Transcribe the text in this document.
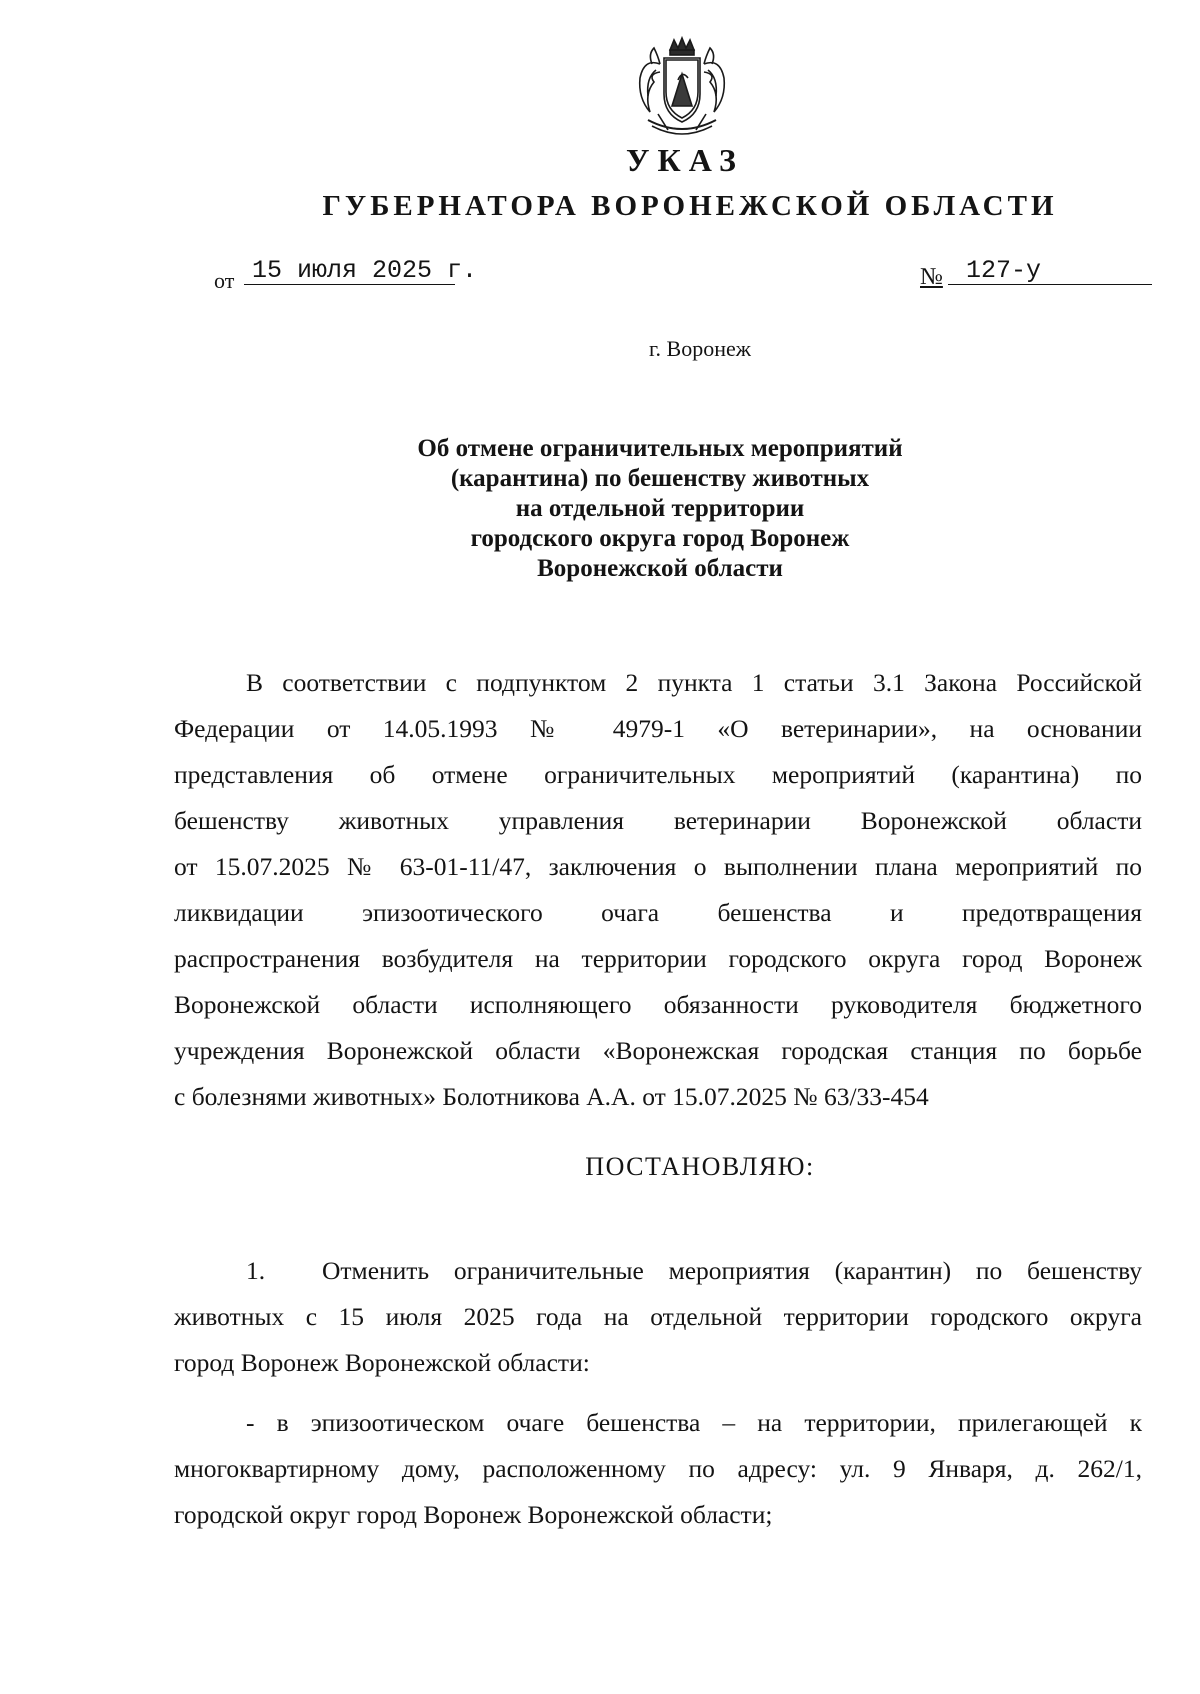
УКАЗ
ГУБЕРНАТОРА ВОРОНЕЖСКОЙ ОБЛАСТИ
от 15 июля 2025 г.	№ 127-у
г. Воронеж
Об отмене ограничительных мероприятий
(карантина) по бешенству животных
на отдельной территории
городского округа город Воронеж
Воронежской области
В соответствии с подпунктом 2 пункта 1 статьи 3.1 Закона Российской
Федерации от 14.05.1993 № 4979-1 «О ветеринарии», на основании
представления об отмене ограничительных мероприятий (карантина) по
бешенству животных управления ветеринарии Воронежской области
от 15.07.2025 № 63-01-11/47, заключения о выполнении плана мероприятий по
ликвидации эпизоотического очага бешенства и предотвращения
распространения возбудителя на территории городского округа город Воронеж
Воронежской области исполняющего обязанности руководителя бюджетного
учреждения Воронежской области «Воронежская городская станция по борьбе
с болезнями животных» Болотникова А.А. от 15.07.2025 № 63/33-454
ПОСТАНОВЛЯЮ:
1. Отменить ограничительные мероприятия (карантин) по бешенству
животных с 15 июля 2025 года на отдельной территории городского округа
город Воронеж Воронежской области:
- в эпизоотическом очаге бешенства – на территории, прилегающей к
многоквартирному дому, расположенному по адресу: ул. 9 Января, д. 262/1,
городской округ город Воронеж Воронежской области;
